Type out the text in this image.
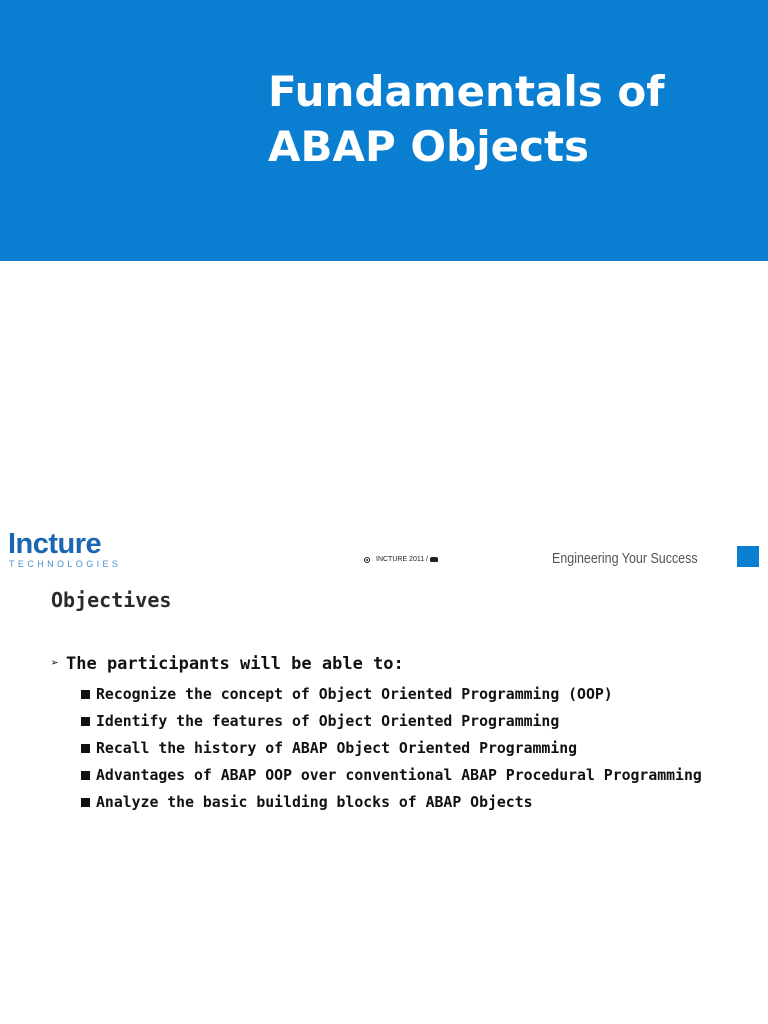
Fundamentals of
ABAP Objects
Incture
TECHNOLOGIES	INCTURE 2011 /	Engineering Your Success
Objectives
➢ The participants will be able to:
Recognize the concept of Object Oriented Programming (OOP)
Identify the features of Object Oriented Programming
Recall the history of ABAP Object Oriented Programming
Advantages of ABAP OOP over conventional ABAP Procedural Programming
Analyze the basic building blocks of ABAP Objects
